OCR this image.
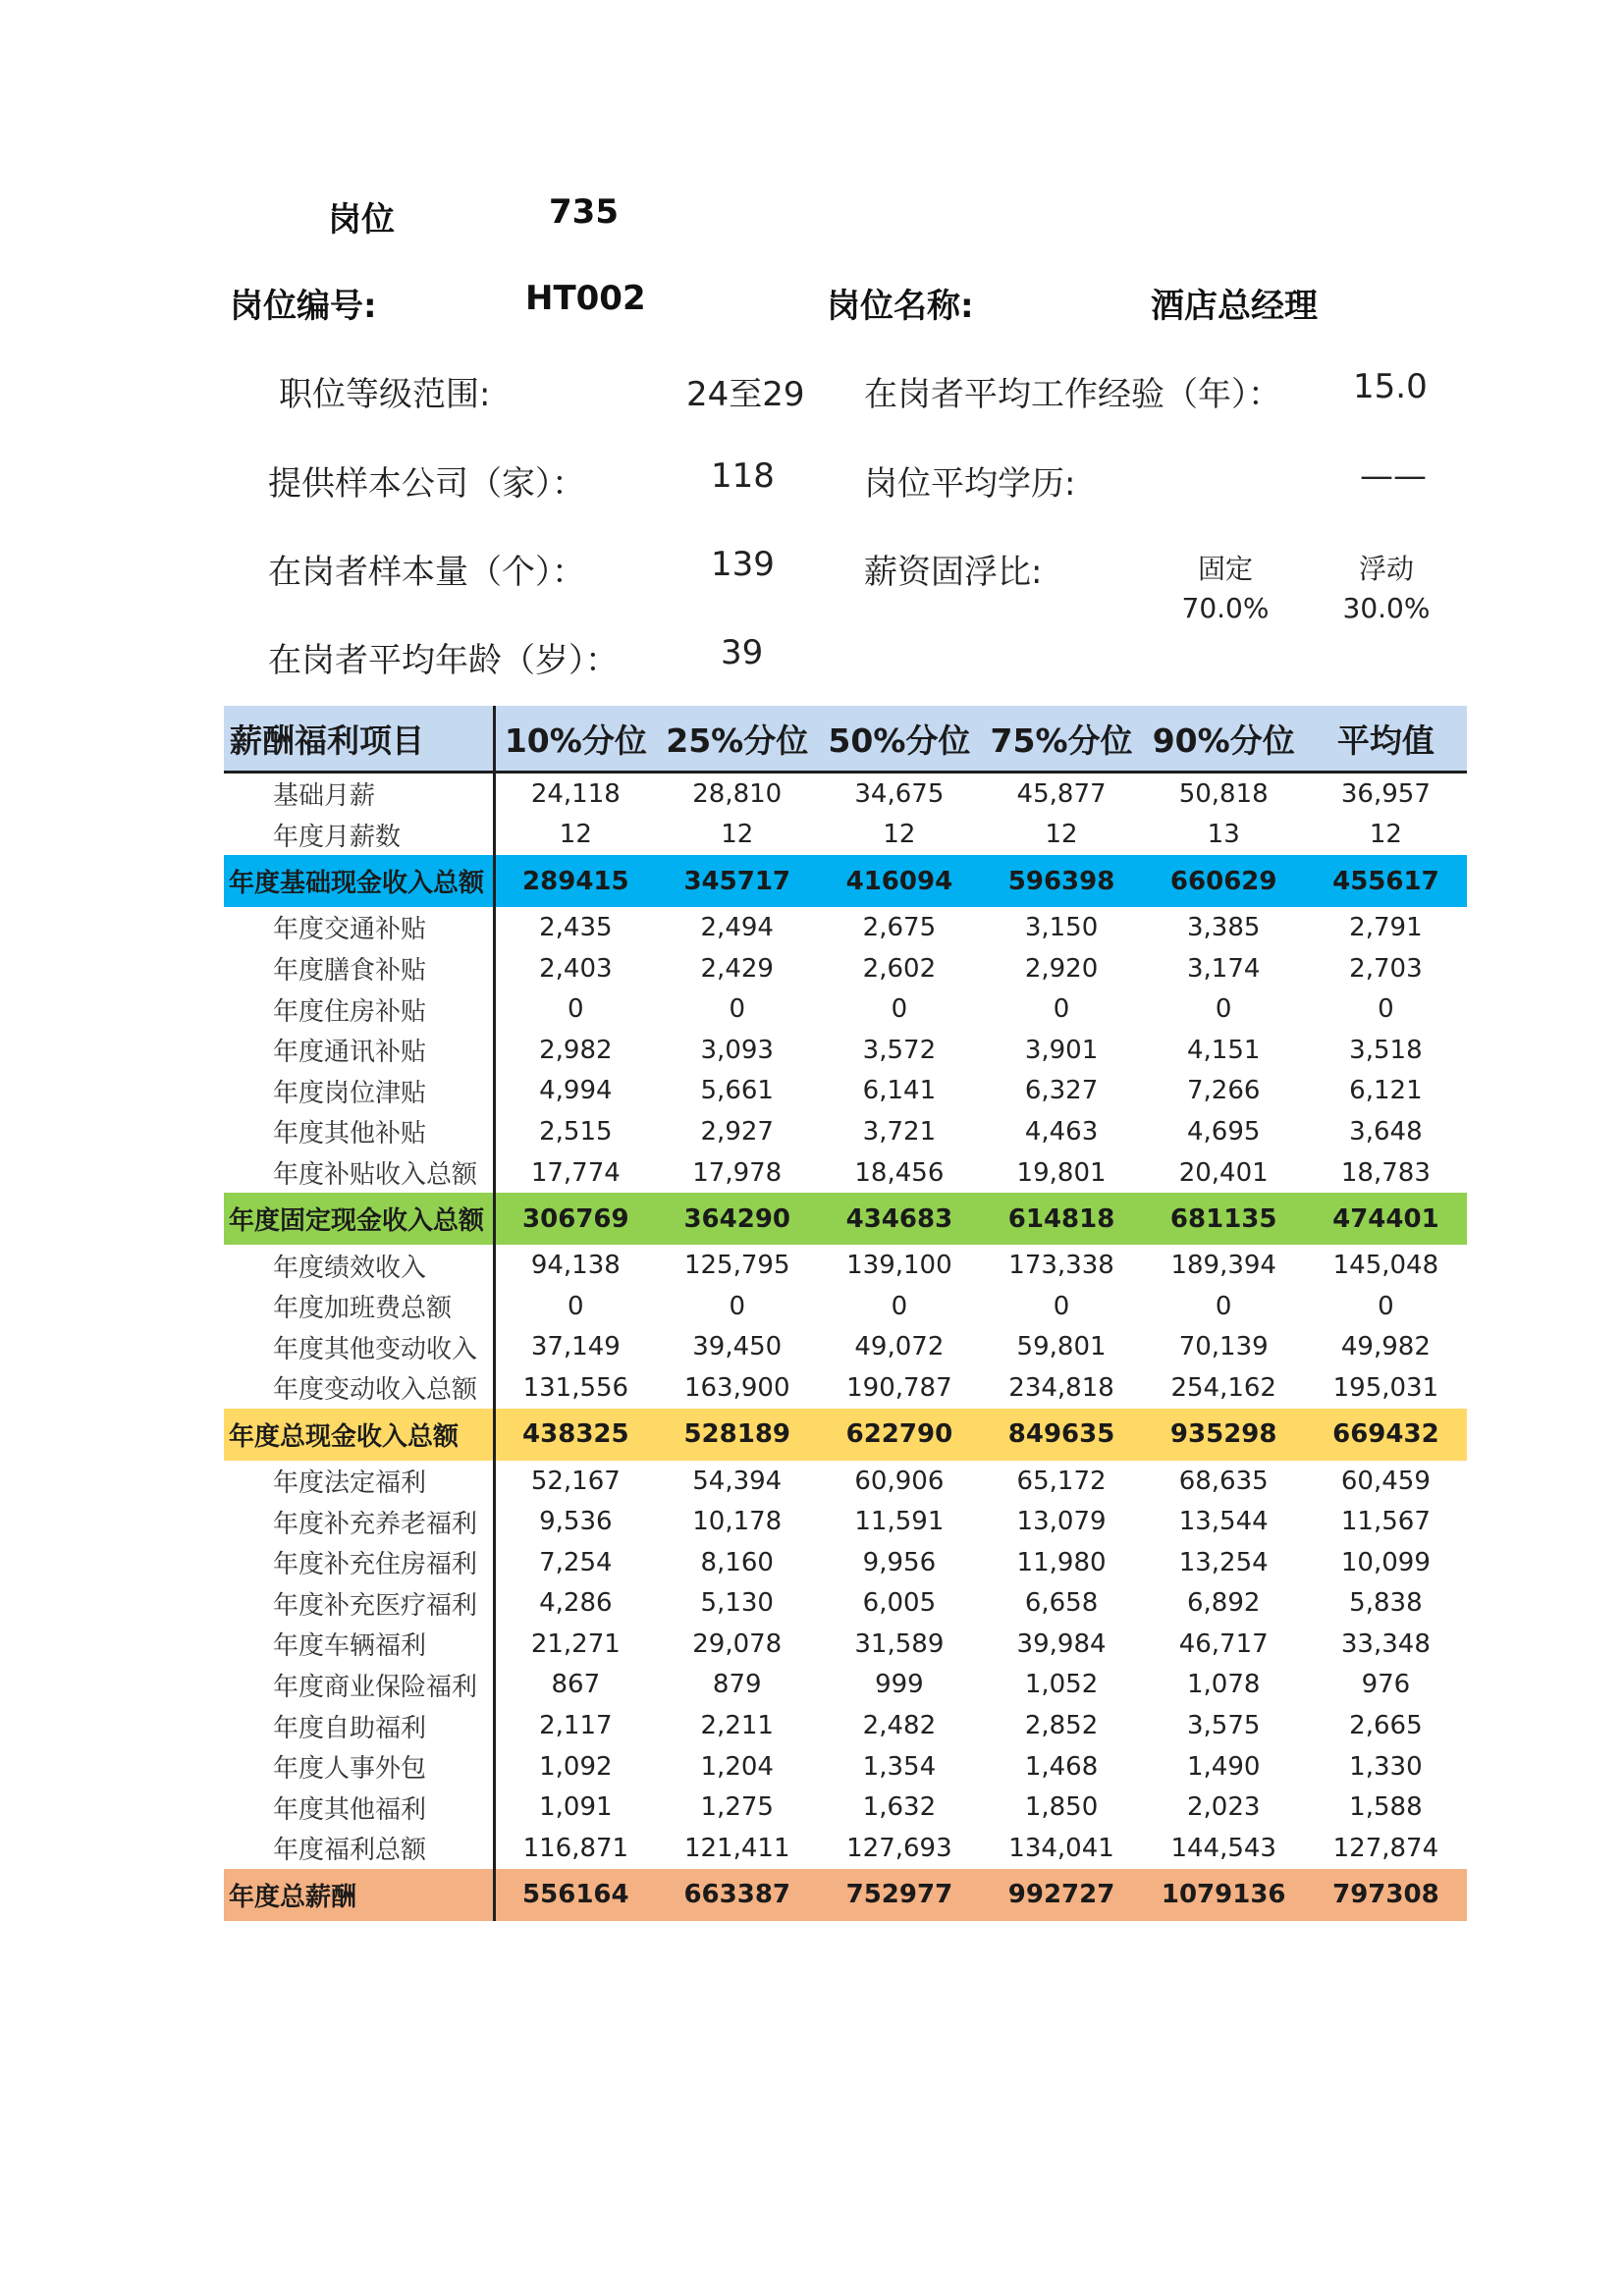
岗位	735
岗位编号:	HT002	岗位名称:	酒店总经理
职位等级范围:	24至29 在岗者平均工作经验（年）： 15.0
提供样本公司（家）：	118	岗位平均学历:	——
在岗者样本量（个）：	139	薪资固浮比:	固定	浮动
70.0%	30.0%
在岗者平均年龄（岁）：	39
薪酬福利项目	10%分位	25%分位	50%分位	75%分位	90%分位	平均值
基础月薪	24,118	28,810	34,675	45,877	50,818	36,957
年度月薪数	12	12	12	12	13	12
年度基础现金收入总额	289415	345717	416094	596398	660629	455617
年度交通补贴	2,435	2,494	2,675	3,150	3,385	2,791
年度膳食补贴	2,403	2,429	2,602	2,920	3,174	2,703
年度住房补贴	0	0	0	0	0	0
年度通讯补贴	2,982	3,093	3,572	3,901	4,151	3,518
年度岗位津贴	4,994	5,661	6,141	6,327	7,266	6,121
年度其他补贴	2,515	2,927	3,721	4,463	4,695	3,648
年度补贴收入总额	17,774	17,978	18,456	19,801	20,401	18,783
年度固定现金收入总额	306769	364290	434683	614818	681135	474401
年度绩效收入	94,138	125,795	139,100	173,338	189,394	145,048
年度加班费总额	0	0	0	0	0	0
年度其他变动收入	37,149	39,450	49,072	59,801	70,139	49,982
年度变动收入总额	131,556	163,900	190,787	234,818	254,162	195,031
年度总现金收入总额	438325	528189	622790	849635	935298	669432
年度法定福利	52,167	54,394	60,906	65,172	68,635	60,459
年度补充养老福利	9,536	10,178	11,591	13,079	13,544	11,567
年度补充住房福利	7,254	8,160	9,956	11,980	13,254	10,099
年度补充医疗福利	4,286	5,130	6,005	6,658	6,892	5,838
年度车辆福利	21,271	29,078	31,589	39,984	46,717	33,348
年度商业保险福利	867	879	999	1,052	1,078	976
年度自助福利	2,117	2,211	2,482	2,852	3,575	2,665
年度人事外包	1,092	1,204	1,354	1,468	1,490	1,330
年度其他福利	1,091	1,275	1,632	1,850	2,023	1,588
年度福利总额	116,871	121,411	127,693	134,041	144,543	127,874
年度总薪酬	556164	663387	752977	992727	1079136	797308
